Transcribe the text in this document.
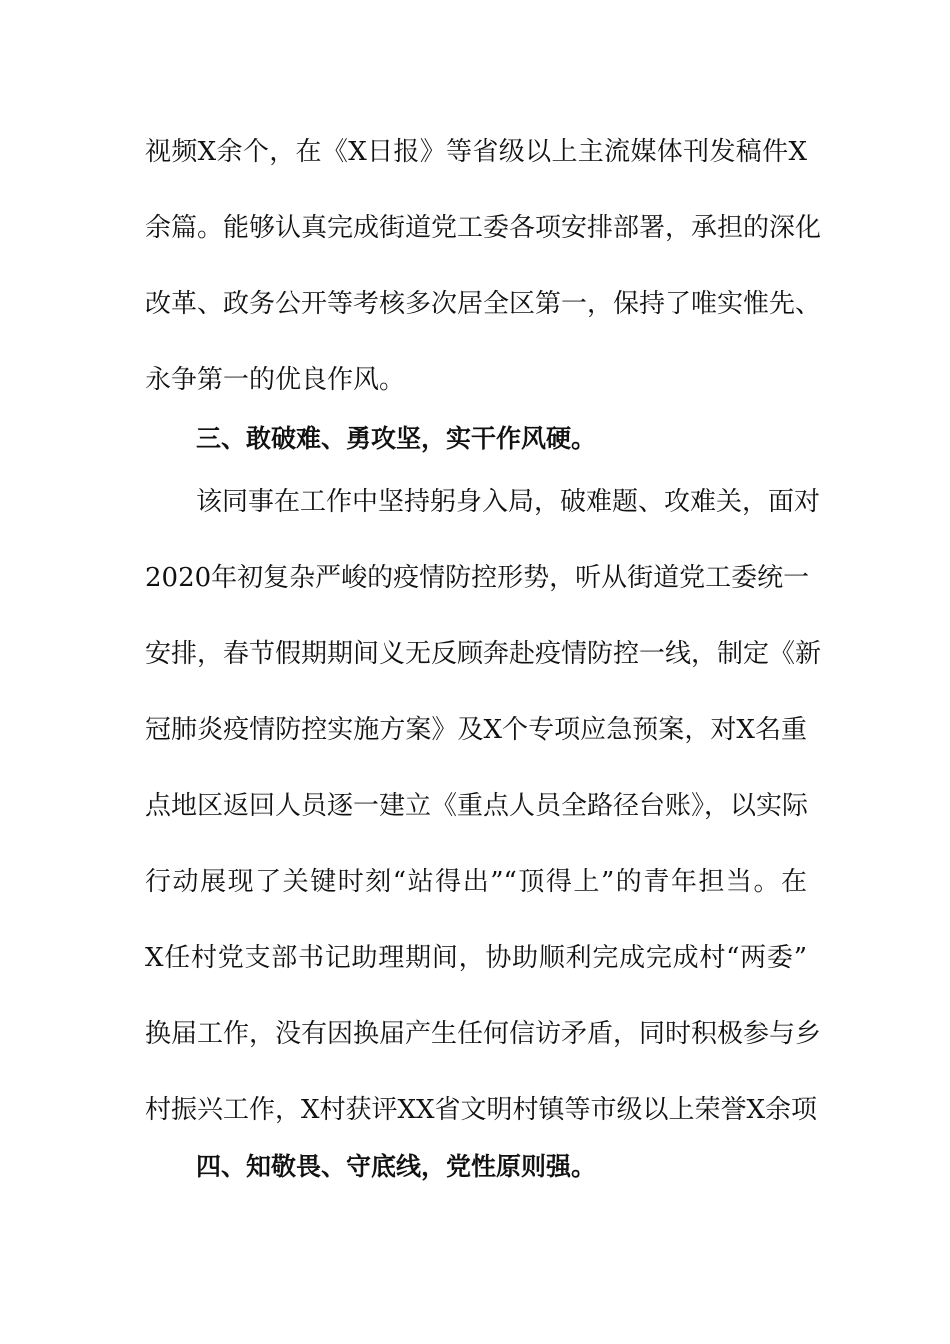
视频X余个，在《X日报》等省级以上主流媒体刊发稿件X
余篇。能够认真完成街道党工委各项安排部署，承担的深化
改革、政务公开等考核多次居全区第一，保持了唯实惟先、
永争第一的优良作风。
三、敢破难、勇攻坚，实干作风硬。
该同事在工作中坚持躬身入局，破难题、攻难关，面对
2020年初复杂严峻的疫情防控形势，听从街道党工委统一
安排，春节假期期间义无反顾奔赴疫情防控一线，制定《新
冠肺炎疫情防控实施方案》及X个专项应急预案，对X名重
点地区返回人员逐一建立《重点人员全路径台账》，以实际
行动展现了关键时刻“站得出”“顶得上”的青年担当。在
X任村党支部书记助理期间，协助顺利完成完成村“两委”
换届工作，没有因换届产生任何信访矛盾，同时积极参与乡
村振兴工作，X村获评XX省文明村镇等市级以上荣誉X余项
四、知敬畏、守底线，党性原则强。
